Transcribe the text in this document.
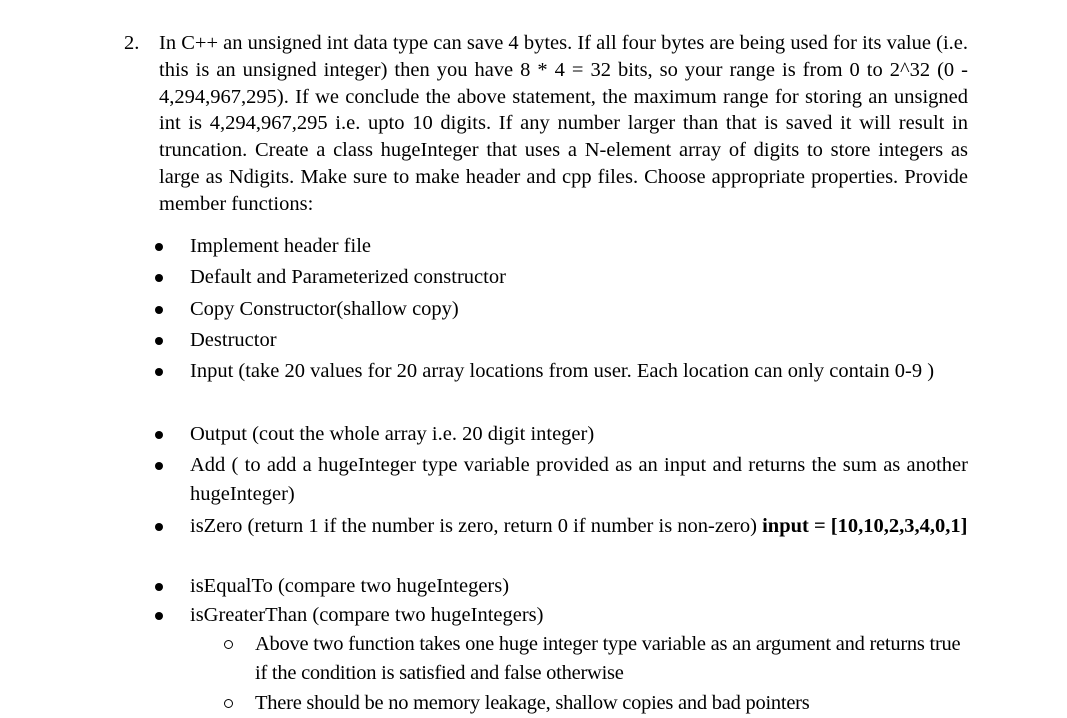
2. In C++ an unsigned int data type can save 4 bytes. If all four bytes are being used for its value (i.e. this is an unsigned integer) then you have 8 * 4 = 32 bits, so your range is from 0 to 2^32 (0 - 4,294,967,295). If we conclude the above statement, the maximum range for storing an unsigned int is 4,294,967,295 i.e. upto 10 digits. If any number larger than that is saved it will result in truncation. Create a class hugeInteger that uses a N-element array of digits to store integers as large as Ndigits. Make sure to make header and cpp files. Choose appropriate properties. Provide member functions:
Implement header file
Default and Parameterized constructor
Copy Constructor(shallow copy)
Destructor
Input (take 20 values for 20 array locations from user. Each location can only contain 0-9 )
Output (cout the whole array i.e. 20 digit integer)
Add ( to add a hugeInteger type variable provided as an input and returns the sum as another hugeInteger)
isZero (return 1 if the number is zero, return 0 if number is non-zero) input = [10,10,2,3,4,0,1]
isEqualTo (compare two hugeIntegers)
isGreaterThan (compare two hugeIntegers)
Above two function takes one huge integer type variable as an argument and returns true if the condition is satisfied and false otherwise
There should be no memory leakage, shallow copies and bad pointers
